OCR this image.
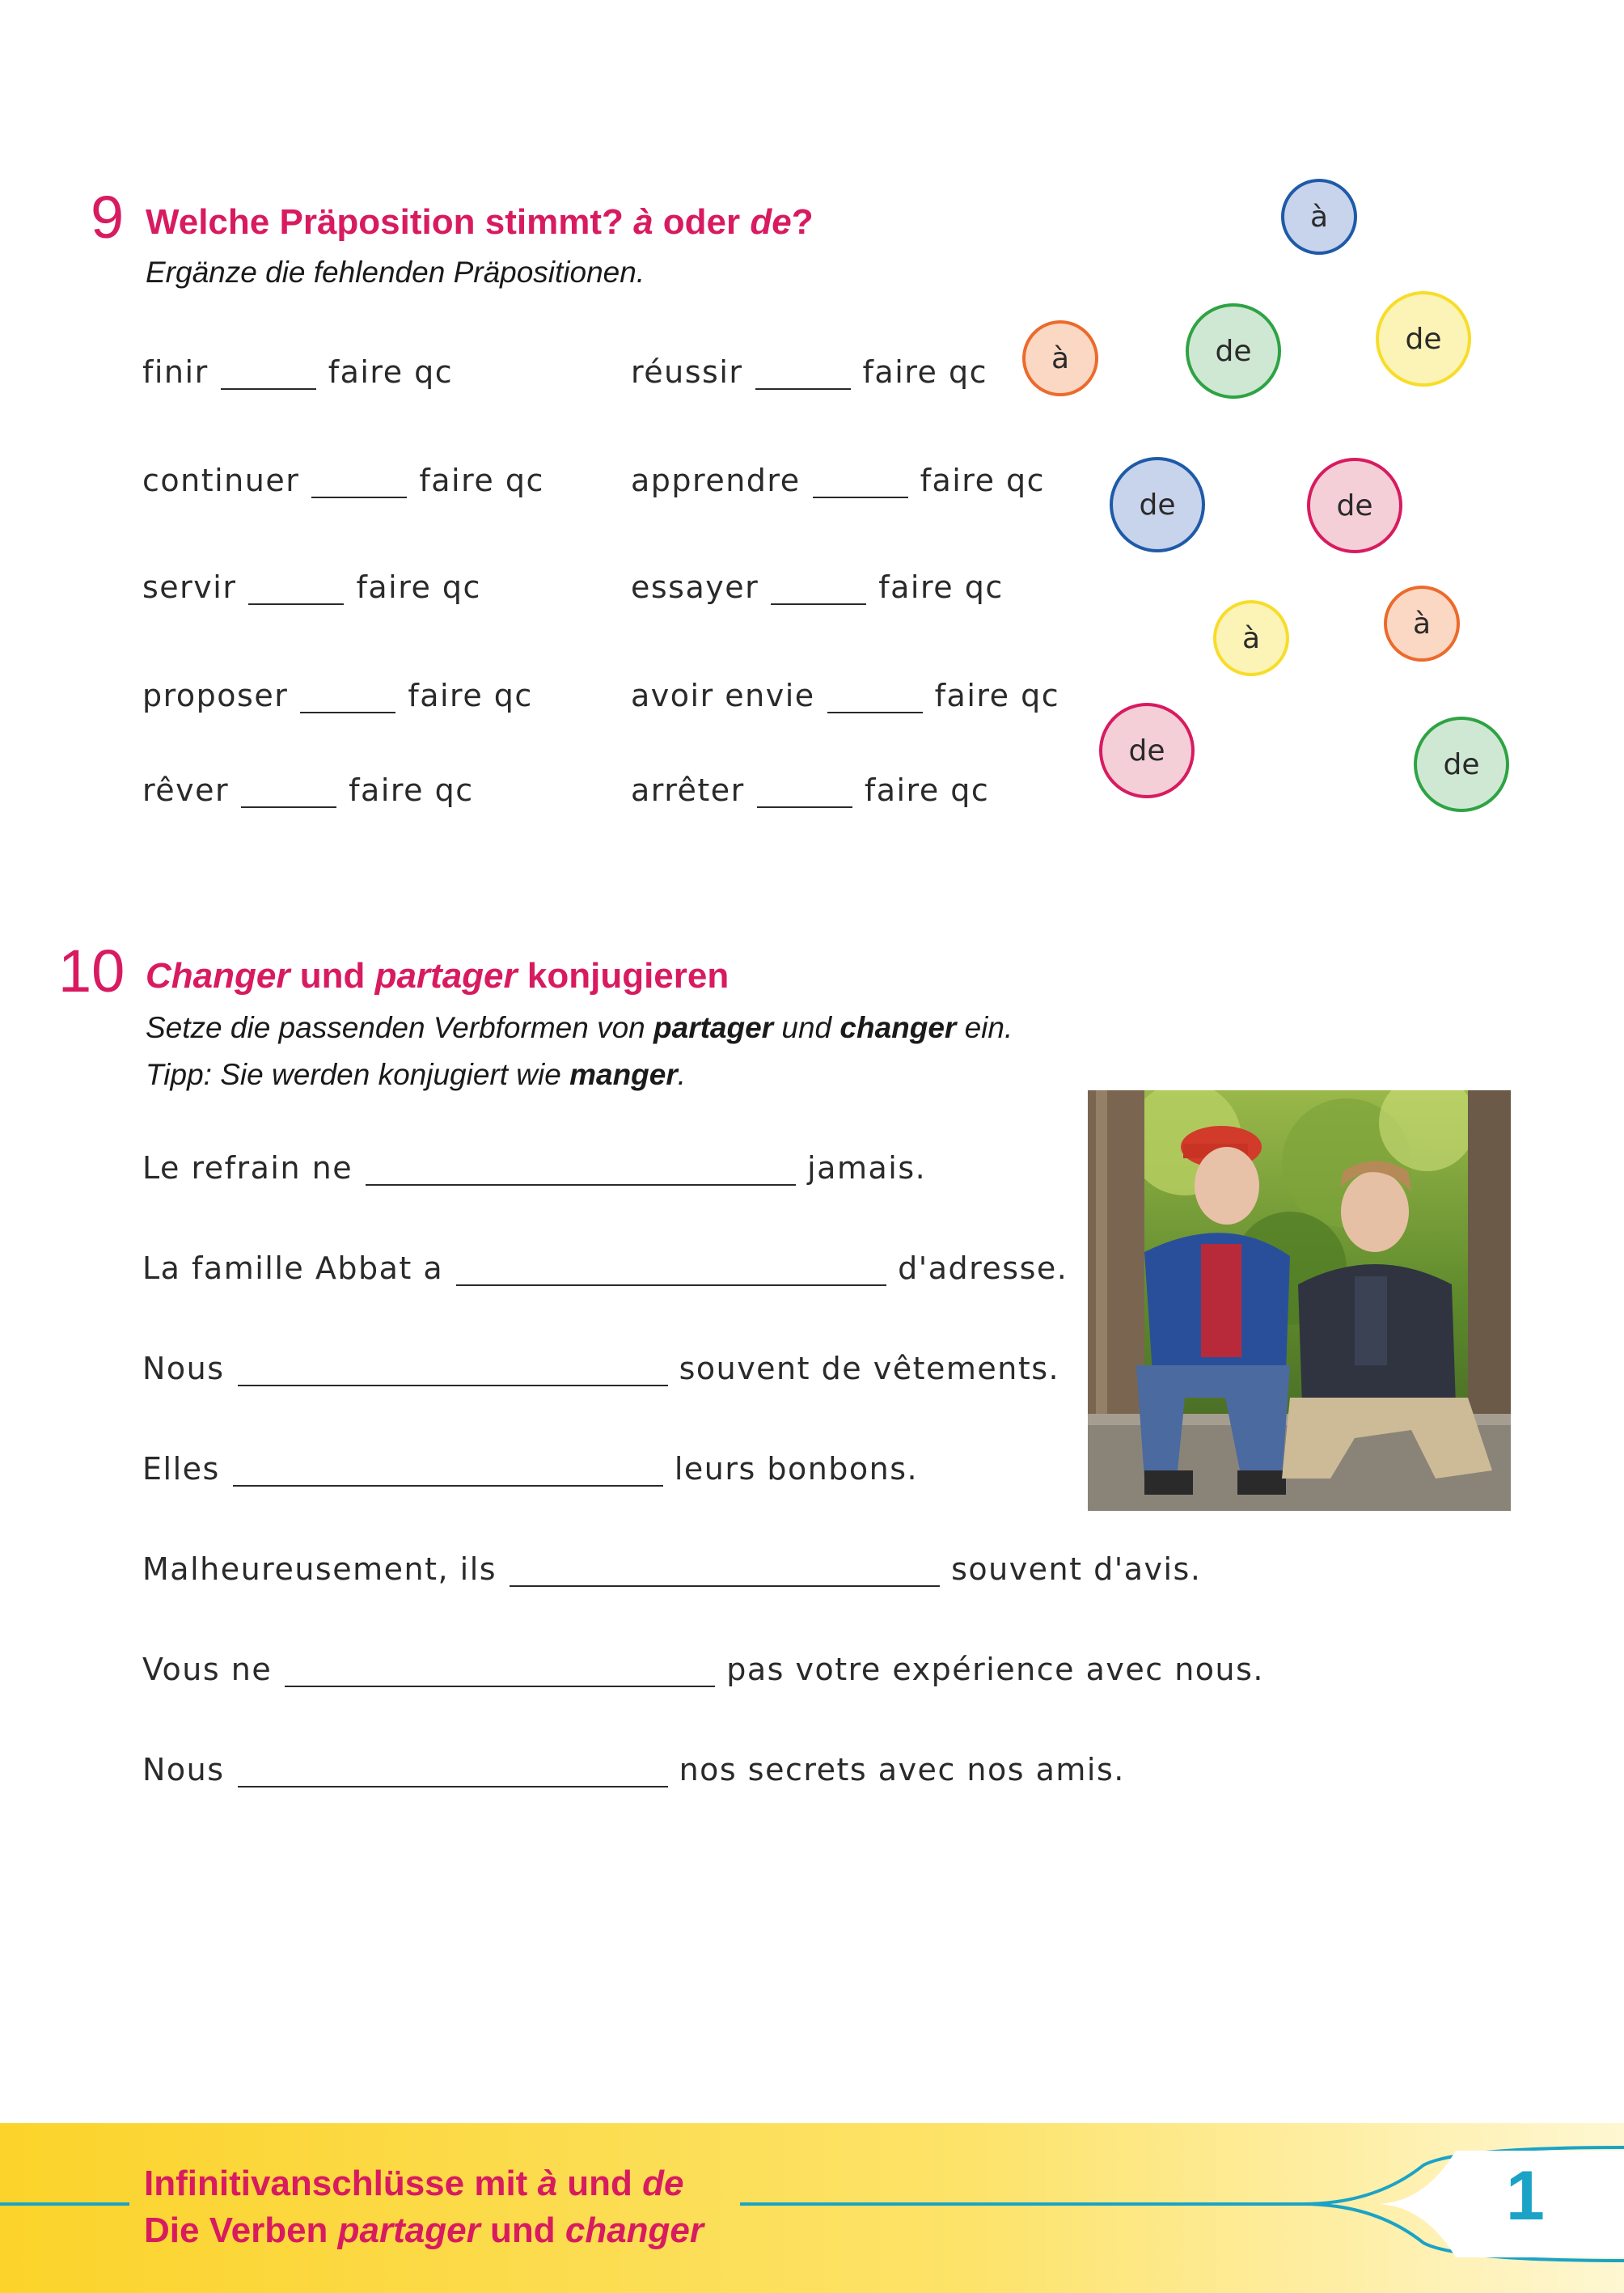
9 Welche Präposition stimmt? à oder de?
Ergänze die fehlenden Präpositionen.
finir	faire qc
continuer	faire qc
servir	faire qc
proposer	faire qc
rêver	faire qc
réussir	faire qc
apprendre	faire qc
essayer	faire qc
avoir envie	faire qc
arrêter	faire qc
à
à	de	de
de	de
à	à
de	de
10 Changer und partager konjugieren
Setze die passenden Verbformen von partager und changer ein.
Tipp: Sie werden konjugiert wie manger.
Le refrain ne	jamais.
La famille Abbat a	d'adresse.
Nous	souvent de vêtements.
Elles	leurs bonbons.
Malheureusement, ils	souvent d'avis.
Vous ne	pas votre expérience avec nous.
Nous	nos secrets avec nos amis.
Infinitivanschlüsse mit à und de
Die Verben partager und changer	1
